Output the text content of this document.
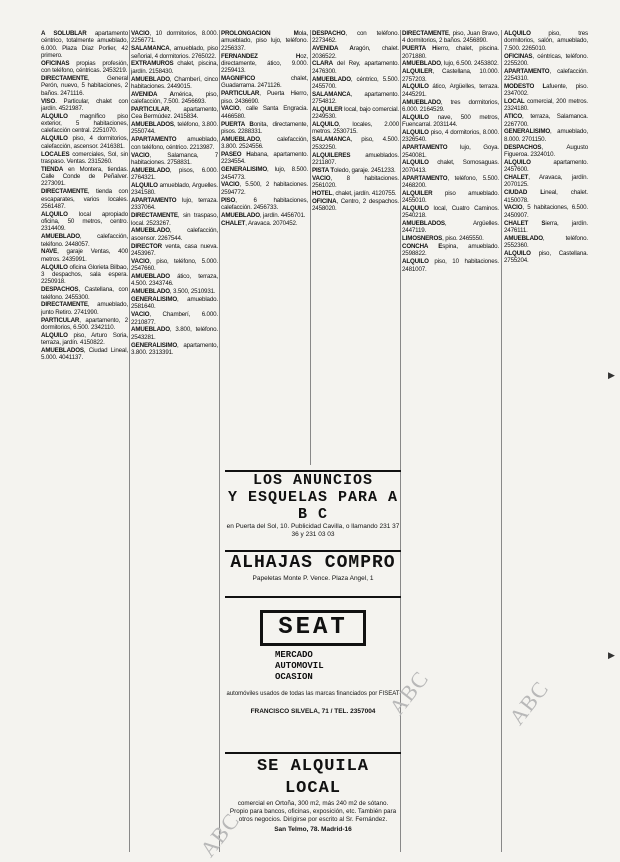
A SOLUBLAR apartamento céntrico, totalmente amueblado, 6.000. Plaza Díaz Porlier, 42 primero.

OFICINAS propias profesión, con teléfono, céntricas. 2453219.

DIRECTAMENTE, General Perón, nuevo, 5 habitaciones, 2 baños. 2471116.

VISO. Particular, chalet con jardín. 4521987.

ALQUILO magnífico piso exterior, 5 habitaciones, calefacción central. 2251070.

ALQUILO piso, 4 dormitorios, calefacción, ascensor. 2416381.

LOCALES comerciales, Sol, sin traspaso. Ventas. 2315260.

TIENDA en Montera, tiendas. Calle Conde de Peñalver. 2273091.

DIRECTAMENTE, tienda con escaparates, varios locales. 2561487.

ALQUILO local apropiado oficina, 50 metros, centro. 2314409.

AMUEBLADO, calefacción, teléfono. 2448057.

NAVE, garaje Ventas, 400 metros. 2435991.

ALQUILO oficina Glorieta Bilbao, 3 despachos, sala espera. 2250918.

DESPACHOS, Castellana, con teléfono. 2455300.

DIRECTAMENTE, amueblado, junto Retiro. 2741990.

PARTICULAR, apartamento, 2 dormitorios, 6.500. 2342110.

ALQUILO piso, Arturo Soria, terraza, jardín. 4150822.

AMUEBLADOS, Ciudad Lineal, 5.000. 4041137.

VACIO, 10 dormitorios, 8.000. 2256771.

SALAMANCA, amueblado, piso señorial, 4 dormitorios. 2765022.

EXTRAMUROS chalet, piscina, jardín. 2158430.

AMUEBLADO, Chamberí, cinco habitaciones. 2449015.

AVENIDA América, piso, calefacción, 7.500. 2456693.

PARTICULAR, apartamento, Cea Bermúdez. 2415834.

AMUEBLADOS, teléfono, 3.800. 2550744.

APARTAMENTO amueblado, con teléfono, céntrico. 2213987.

VACIO, Salamanca, 7 habitaciones. 2758831.

AMUEBLADO, pisos, 6.000. 2764321.

ALQUILO amueblado, Arguelles. 2341580.

APARTAMENTO lujo, terraza. 2337064.

DIRECTAMENTE, sin traspaso, local. 2523267.

AMUEBLADO, calefacción, ascensor. 2267544.

DIRECTOR venta, casa nueva. 2453967.

VACIO, piso, teléfono, 5.000. 2547660.

AMUEBLADO ático, terraza, 4.500. 2343746.

AMUEBLADO, 3.500, 2510931.

GENERALISIMO, amueblado. 2581640.

VACIO, Chamberí, 6.000. 2210877.

AMUEBLADO, 3.800, teléfono. 2543281.

GENERALISIMO, apartamento, 3.800. 2313391.

PROLONGACION Mola, amueblado, piso lujo, teléfono. 2256337.

FERNANDEZ Hoz, directamente, ático, 9.000. 2259413.

MAGNIFICO chalet, Guadarrama. 2471126.

PARTICULAR, Puerta Hierro, piso. 2436690.

VACIO, calle Santa Engracia. 4466580.

PUERTA Bonita, directamente, pisos. 2288331.

AMUEBLADO, calefacción, 3.800. 2524556.

PASEO Habana, apartamento. 2234554.

GENERALISIMO, lujo, 8.500. 2454773.

VACIO, 5.500, 2 habitaciones. 2594772.

PISO, 6 habitaciones, calefacción. 2456733.

AMUEBLADO, jardín. 4456701.

CHALET, Aravaca. 2070452.

DESPACHO, con teléfono. 2273462.

AVENIDA Aragón, chalet. 2036522.

CLARA del Rey, apartamento. 2476300.

AMUEBLADO, céntrico, 5.500. 2455700.

SALAMANCA, apartamento. 2754812.

ALQUILER local, bajo comercial. 2249530.

ALQUILO, locales, 2.000 metros. 2530715.

SALAMANCA, piso, 4.500. 2532250.

ALQUILERES amueblados. 2211807.

PISTA Toledo, garaje. 2451233.

VACIO, 8 habitaciones. 2561020.

HOTEL, chalet, jardín. 4120755.

OFICINA, Centro, 2 despachos. 2458020.

DIRECTAMENTE, piso, Juan Bravo, 4 dormitorios, 2 baños. 2456890.

PUERTA Hierro, chalet, piscina. 2071880.

AMUEBLADO, lujo, 6.500. 2453802.

ALQUILER, Castellana, 10.000. 2757203.

ALQUILO ático, Argüelles, terraza. 2445291.

AMUEBLADO, tres dormitorios, 6.000. 2164529.

ALQUILO nave, 500 metros, Fuencarral. 2031144.

ALQUILO piso, 4 dormitorios, 8.000. 2326540.

APARTAMENTO lujo, Goya. 2540081.

ALQUILO chalet, Somosaguas. 2070413.

APARTAMENTO, teléfono, 5.500. 2468200.

ALQUILER piso amueblado. 2455010.

ALQUILO local, Cuatro Caminos. 2540218.

AMUEBLADOS, Argüelles. 2447119.

LIMOSNEROS, piso. 2465550.

CONCHA Espina, amueblado. 2598822.

ALQUILO piso, 10 habitaciones. 2481007.

ALQUILO piso, tres dormitorios, salón, amueblado, 7.500. 2265010.

OFICINAS, céntricas, teléfono. 2255200.

APARTAMENTO, calefacción. 2254310.

MODESTO Lafuente, piso. 2347002.

LOCAL comercial, 200 metros. 2324180.

ATICO, terraza, Salamanca. 2267700.

GENERALISIMO, amueblado, 8.000. 2701150.

DESPACHOS, Augusto Figueroa. 2324010.

ALQUILO apartamento. 2457600.

CHALET, Aravaca, jardín. 2070125.

CIUDAD Lineal, chalet. 4150078.

VACIO, 5 habitaciones, 6.500. 2450907.

CHALET Sierra, jardín. 2476111.

AMUEBLADO, teléfono. 2552360.

ALQUILO piso, Castellana. 2755204.

LOS ANUNCIOS
Y ESQUELAS PARA A B C
en Puerta del Sol, 10. Publicidad Cavilla, o llamando 231 37 36 y 231 03 03
ALHAJAS COMPRO
Papeletas Monte P. Vence. Plaza Angel, 1
SEAT
MERCADO
AUTOMOVIL
OCASION
automóviles usados de todas las marcas financiados por FISEAT
FRANCISCO SILVELA, 71 / TEL. 2357004
SE ALQUILA LOCAL
comercial en Ortoña, 300 m2, más 240 m2 de sótano. Propio para bancos, oficinas, exposición, etc. También para otros negocios. Dirigirse por escrito al Sr. Fernández.
San Telmo, 78. Madrid-16
ABC	ABC
ABC
▶
▶
